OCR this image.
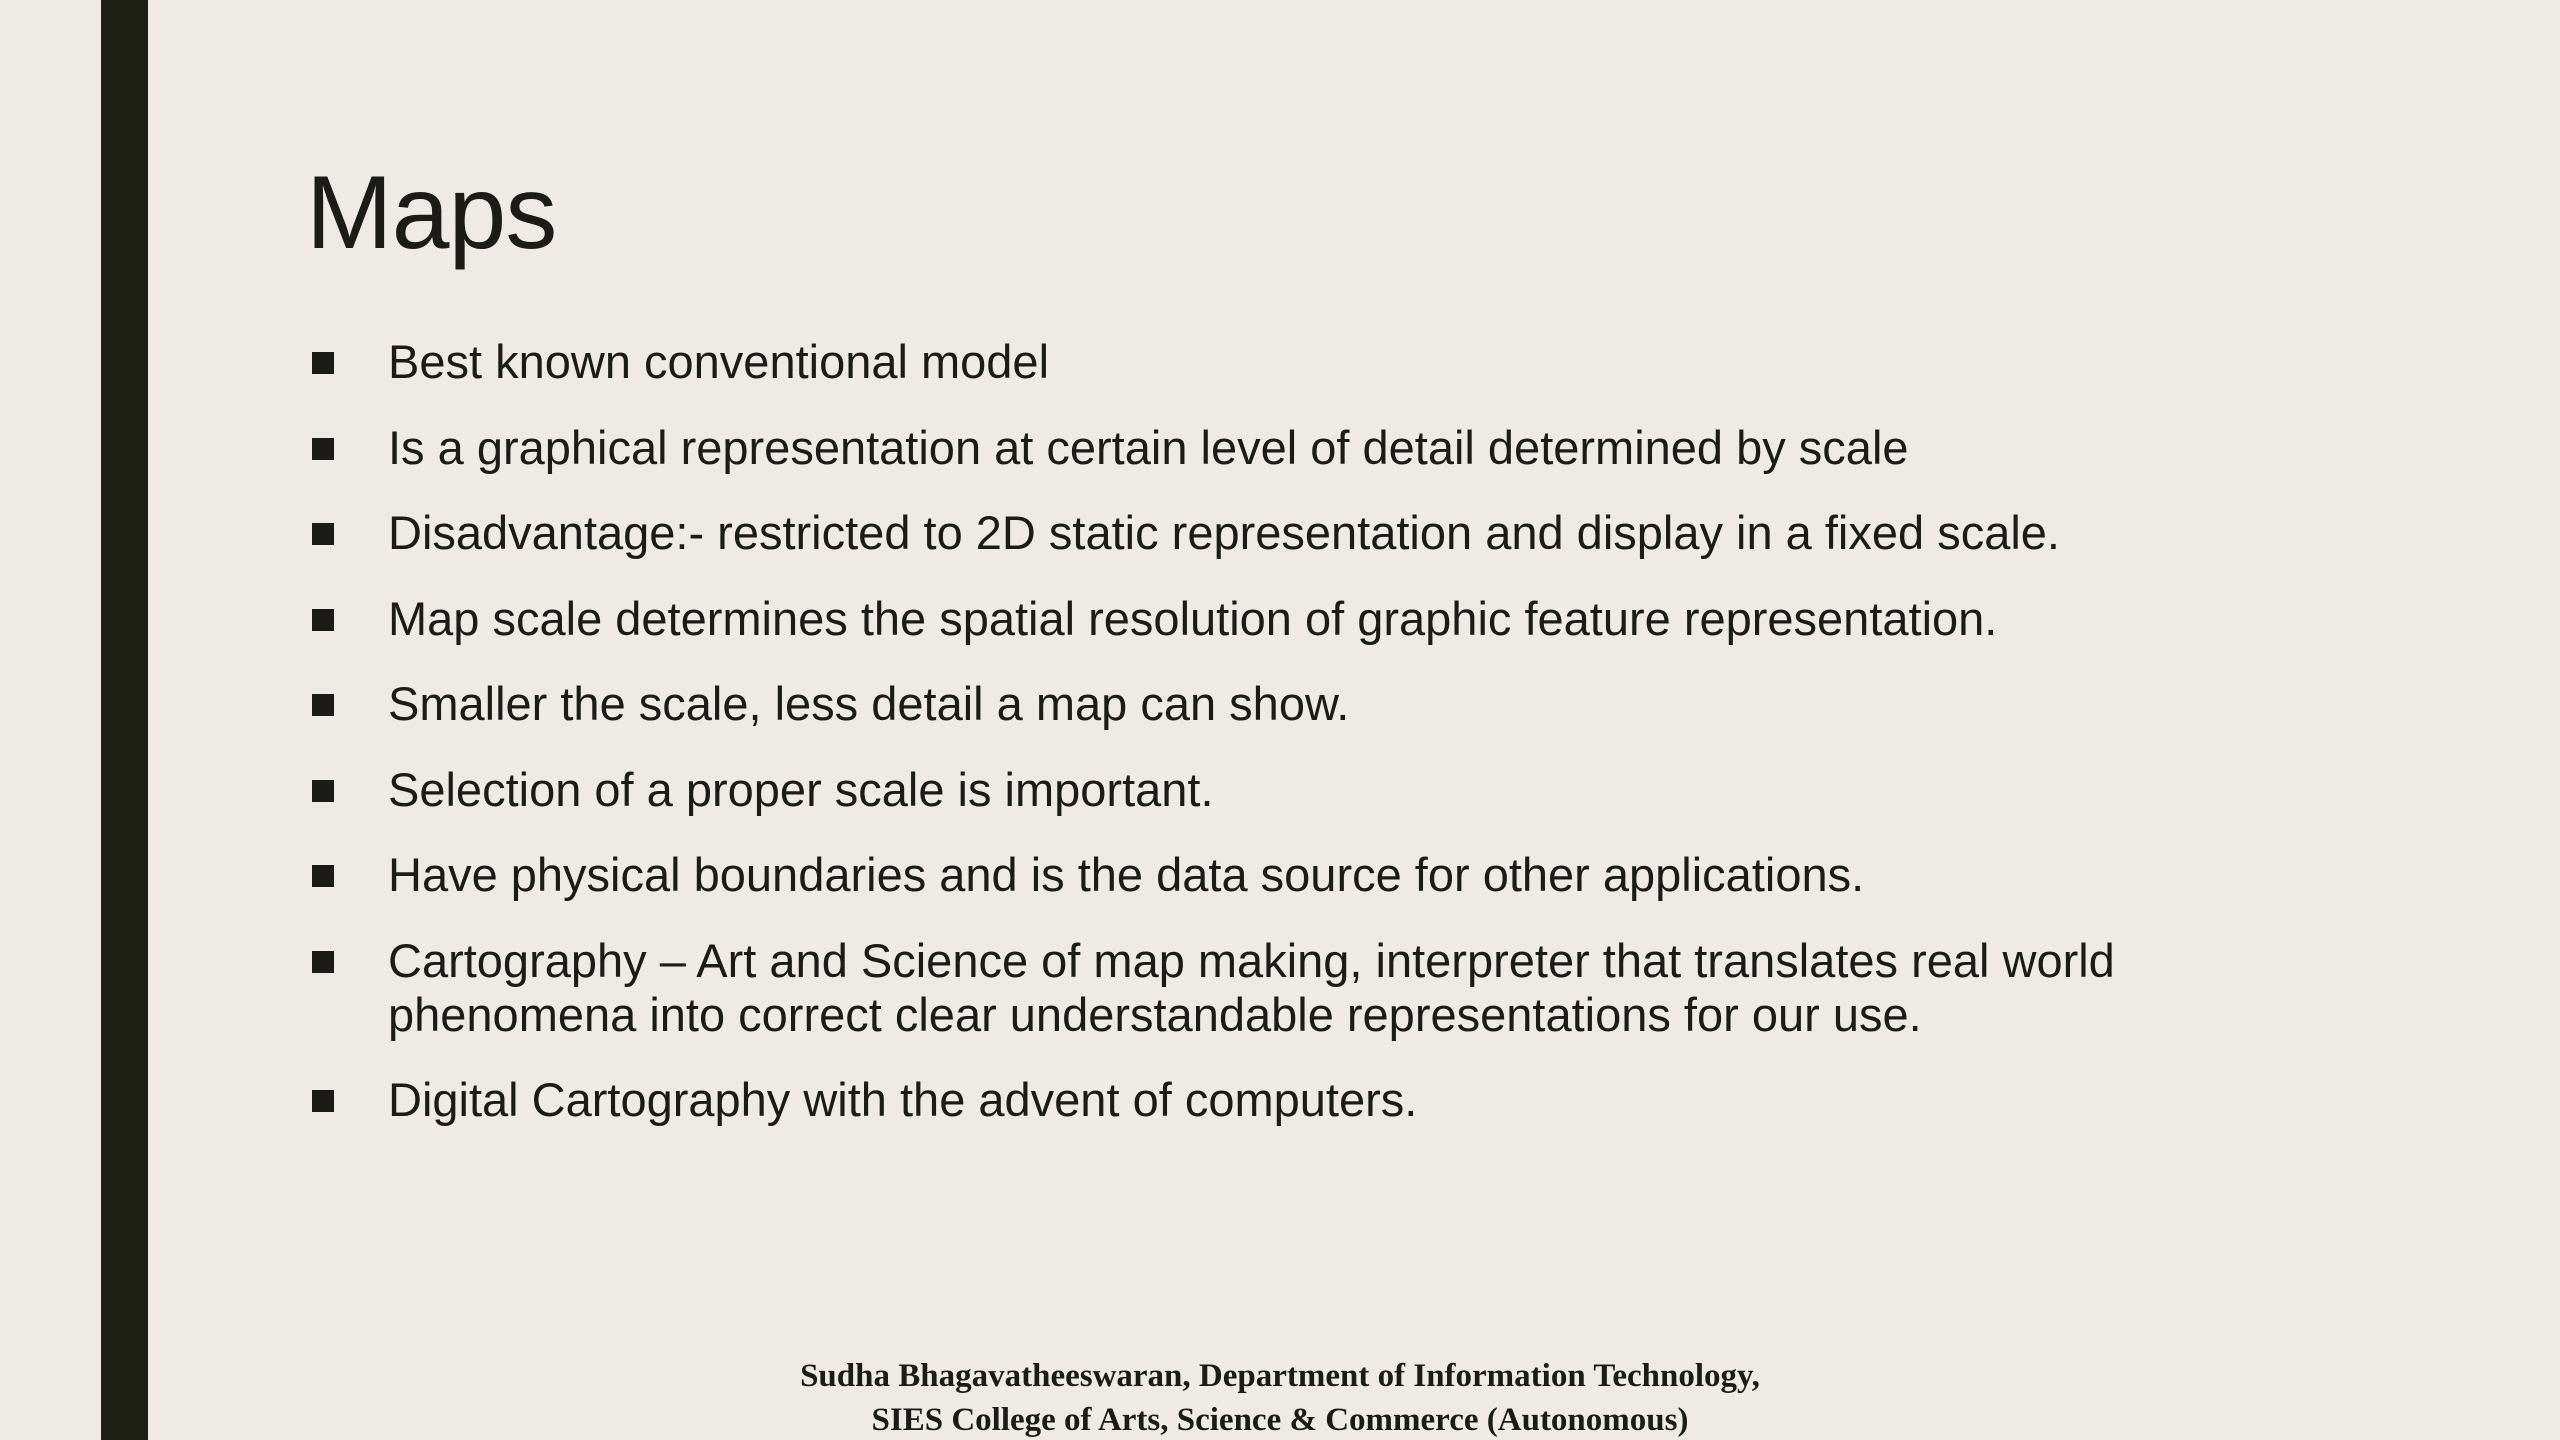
Maps
Best known conventional model
Is a graphical representation at certain level of detail determined by scale
Disadvantage:- restricted to 2D static representation and display in a fixed scale.
Map scale determines the spatial resolution of graphic feature representation.
Smaller the scale, less detail a map can show.
Selection of a proper scale is important.
Have physical boundaries and is the data source for other applications.
Cartography – Art and Science of map making, interpreter that translates real world phenomena into correct clear understandable representations for our use.
Digital Cartography with the advent of computers.
Sudha Bhagavatheeswaran, Department of Information Technology,
SIES College of Arts, Science & Commerce (Autonomous)
